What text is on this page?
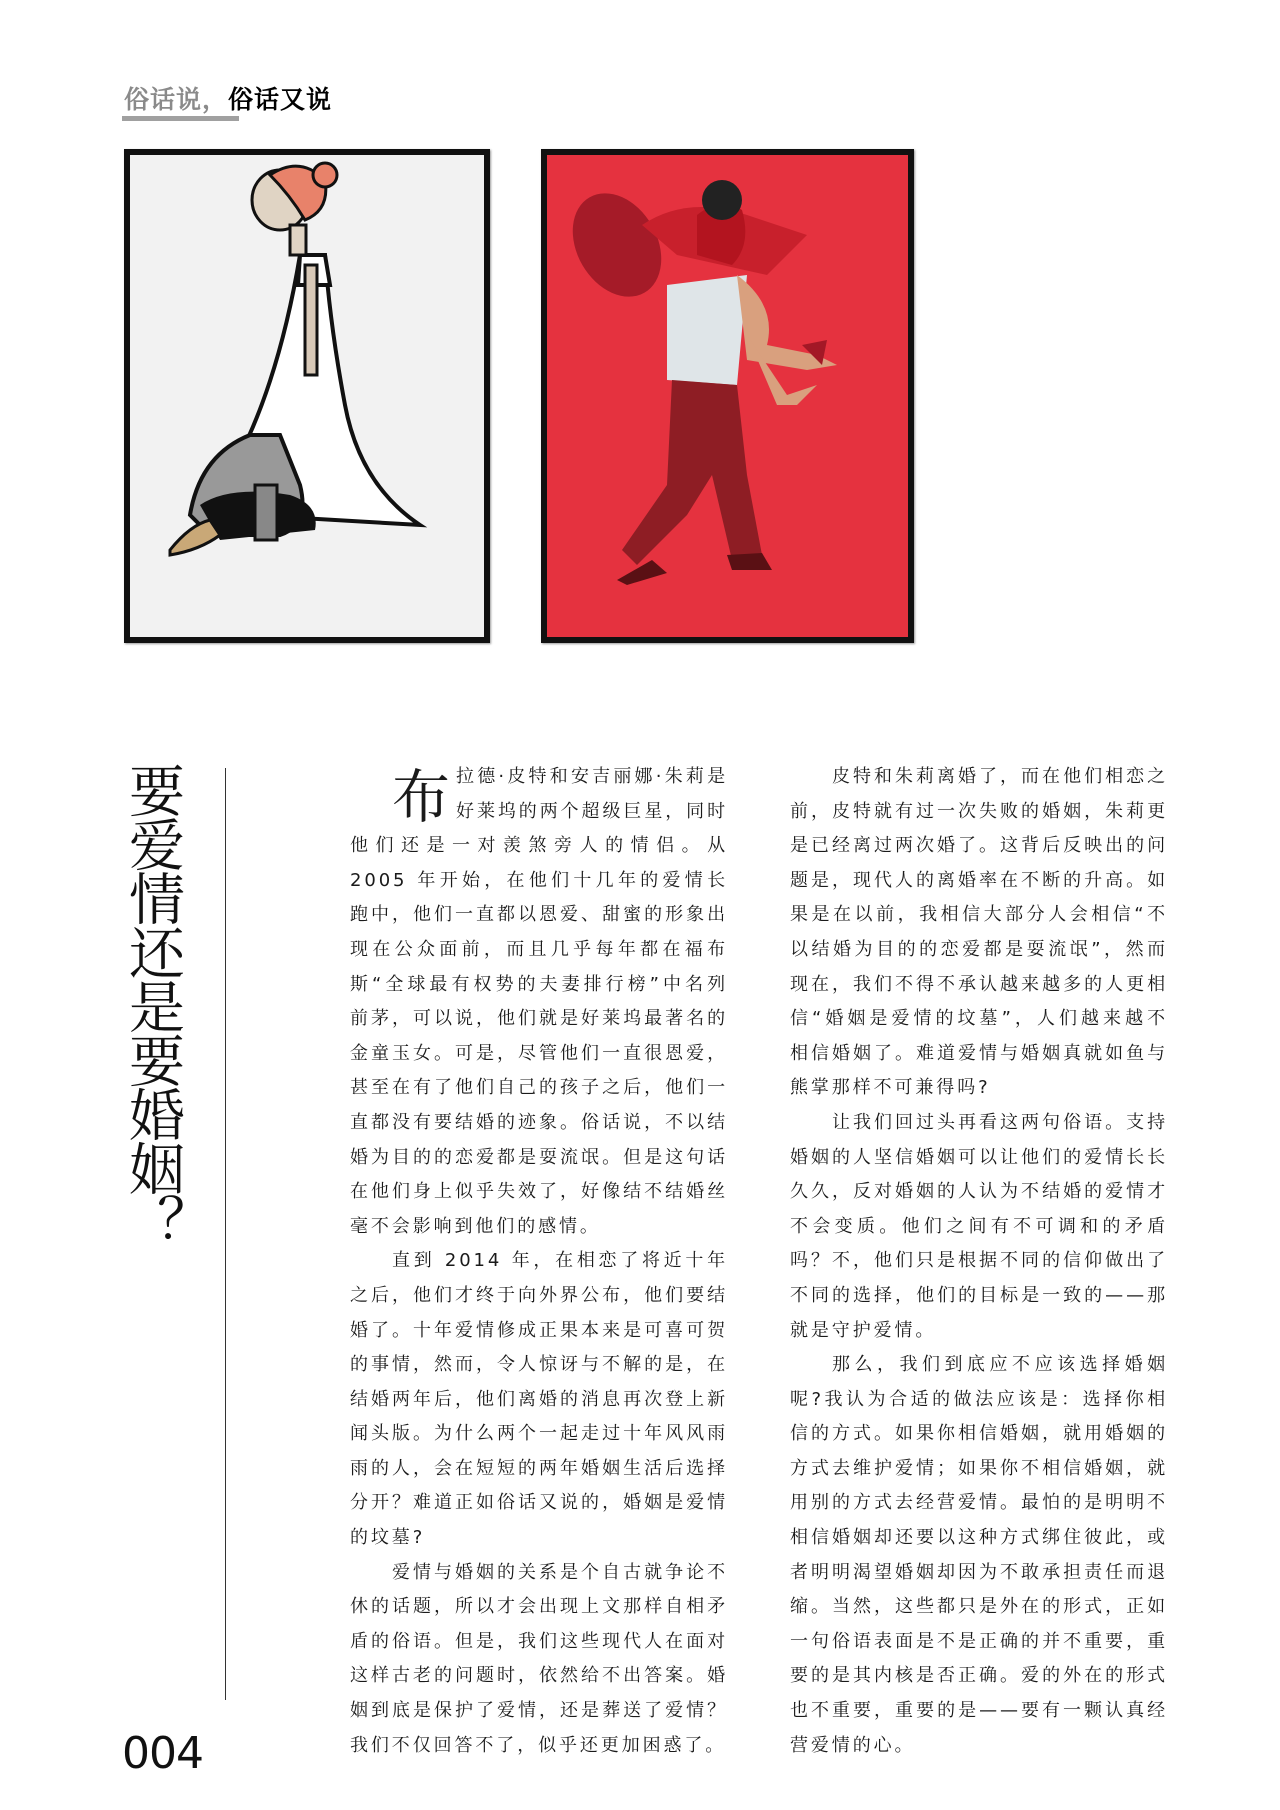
俗话说，俗话又说
要爱情还是要婚姻？	布拉德·皮特和安吉丽娜·朱莉是好莱坞的两个超级巨星，同时他们还是一对羡煞旁人的情侣。从 2005 年开始，在他们十几年的爱情长跑中，他们一直都以恩爱、甜蜜的形象出现在公众面前，而且几乎每年都在福布斯“全球最有权势的夫妻排行榜”中名列前茅，可以说，他们就是好莱坞最著名的金童玉女。可是，尽管他们一直很恩爱，甚至在有了他们自己的孩子之后，他们一直都没有要结婚的迹象。俗话说，不以结婚为目的的恋爱都是耍流氓。但是这句话在他们身上似乎失效了，好像结不结婚丝毫不会影响到他们的感情。

直到 2014 年，在相恋了将近十年之后，他们才终于向外界公布，他们要结婚了。十年爱情修成正果本来是可喜可贺的事情，然而，令人惊讶与不解的是，在结婚两年后，他们离婚的消息再次登上新闻头版。为什么两个一起走过十年风风雨雨的人，会在短短的两年婚姻生活后选择分开？难道正如俗话又说的，婚姻是爱情的坟墓?

爱情与婚姻的关系是个自古就争论不休的话题，所以才会出现上文那样自相矛盾的俗语。但是，我们这些现代人在面对这样古老的问题时，依然给不出答案。婚姻到底是保护了爱情，还是葬送了爱情？我们不仅回答不了，似乎还更加困惑了。

皮特和朱莉离婚了，而在他们相恋之前，皮特就有过一次失败的婚姻，朱莉更是已经离过两次婚了。这背后反映出的问题是，现代人的离婚率在不断的升高。如果是在以前，我相信大部分人会相信“不以结婚为目的的恋爱都是耍流氓”，然而现在，我们不得不承认越来越多的人更相信“婚姻是爱情的坟墓”，人们越来越不相信婚姻了。难道爱情与婚姻真就如鱼与熊掌那样不可兼得吗?

让我们回过头再看这两句俗语。支持婚姻的人坚信婚姻可以让他们的爱情长长久久，反对婚姻的人认为不结婚的爱情才不会变质。他们之间有不可调和的矛盾吗？不，他们只是根据不同的信仰做出了不同的选择，他们的目标是一致的——那就是守护爱情。

那么，我们到底应不应该选择婚姻呢?我认为合适的做法应该是：选择你相信的方式。如果你相信婚姻，就用婚姻的方式去维护爱情；如果你不相信婚姻，就用别的方式去经营爱情。最怕的是明明不相信婚姻却还要以这种方式绑住彼此，或者明明渴望婚姻却因为不敢承担责任而退缩。当然，这些都只是外在的形式，正如一句俗语表面是不是正确的并不重要，重要的是其内核是否正确。爱的外在的形式也不重要，重要的是——要有一颗认真经营爱情的心。

004
